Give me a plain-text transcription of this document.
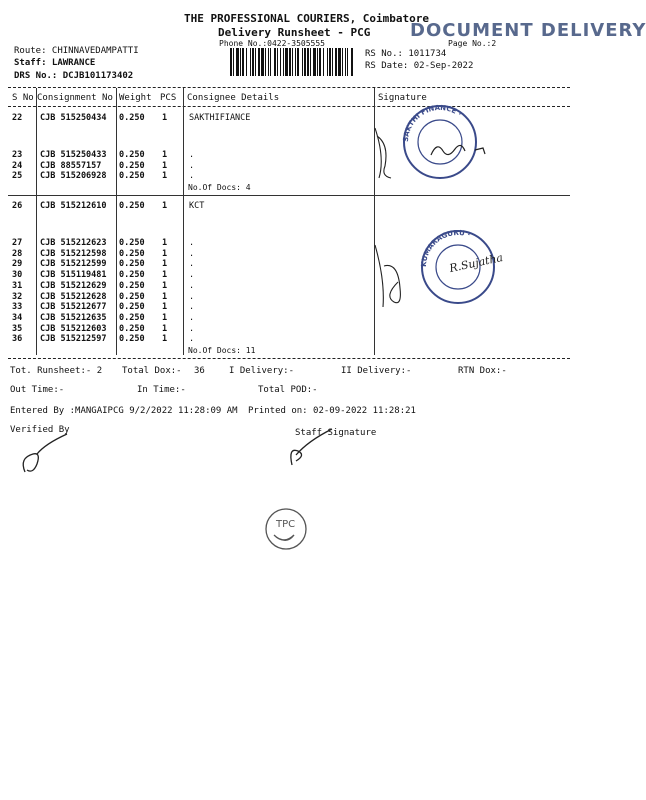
THE PROFESSIONAL COURIERS, Coimbatore
Delivery Runsheet - PCG
Phone No.:0422-3505555	Page No.:2
DOCUMENT DELIVERY
Route: CHINNAVEDAMPATTI
Staff: LAWRANCE
DRS No.: DCJB101173402
RS No.: 1011734
RS Date: 02-Sep-2022
S No Consignment No Weight PCS Consignee Details	Signature
22 CJB 515250434 0.250 1	SAKTHIFIANCE
23 CJB 515250433 0.250 1	.
24 CJB 88557157 0.250 1	.
25 CJB 515206928 0.250 1	.
No.Of Docs: 4
26 CJB 515212610 0.250 1	KCT
27 CJB 515212623 0.250 1	.
28 CJB 515212598 0.250 1	.
29 CJB 515212599 0.250 1	.
30 CJB 515119481 0.250 1	.
31 CJB 515212629 0.250 1	.
32 CJB 515212628 0.250 1	.
33 CJB 515212677 0.250 1	.
34 CJB 515212635 0.250 1	.
35 CJB 515212603 0.250 1	.
36 CJB 515212597 0.250 1	.
No.Of Docs: 11
SAKTHI FINANCE ·
KUMARAGURU ·
R.Sujatha
Tot. Runsheet:- 2 Total Dox:- 36	I Delivery:-	II Delivery:-	RTN Dox:-
Out Time:-	In Time:-	Total POD:-
Entered By :MANGAIPCG 9/2/2022 11:28:09 AM Printed on: 02-09-2022 11:28:21
Verified By	Staff Signature
TPC
